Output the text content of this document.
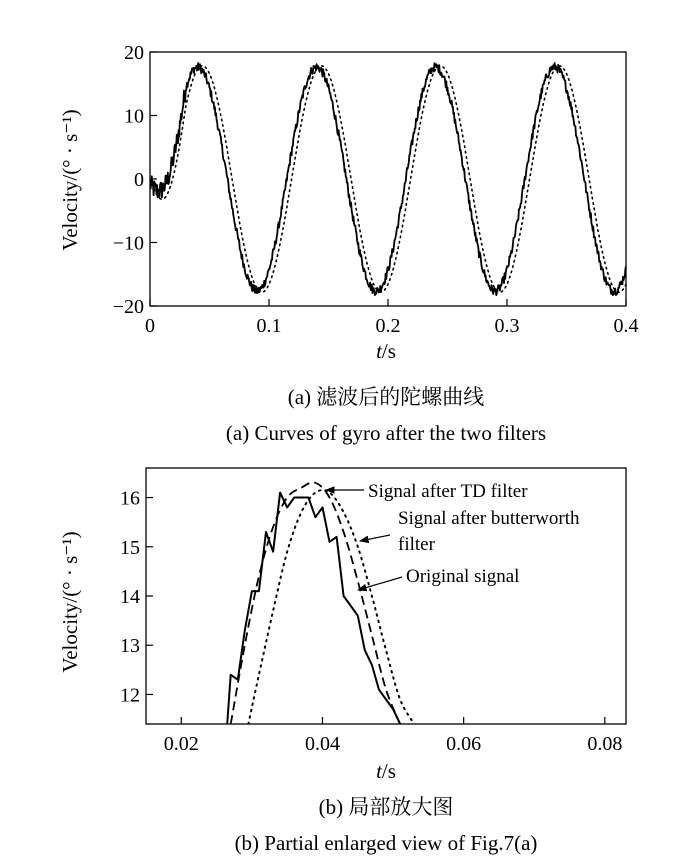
20
10
0
−10
−20
0	0.1	0.2	0.3	0.4
Velocity/(° · s⁻¹)
t/s
(a) 滤波后的陀螺曲线
(a) Curves of gyro after the two filters
16
15
14
13
12
0.02	0.04	0.06	0.08
Signal after TD filter
Signal after butterworth
filter
Original signal
Velocity/(° · s⁻¹)
t/s
(b) 局部放大图
(b) Partial enlarged view of Fig.7(a)
